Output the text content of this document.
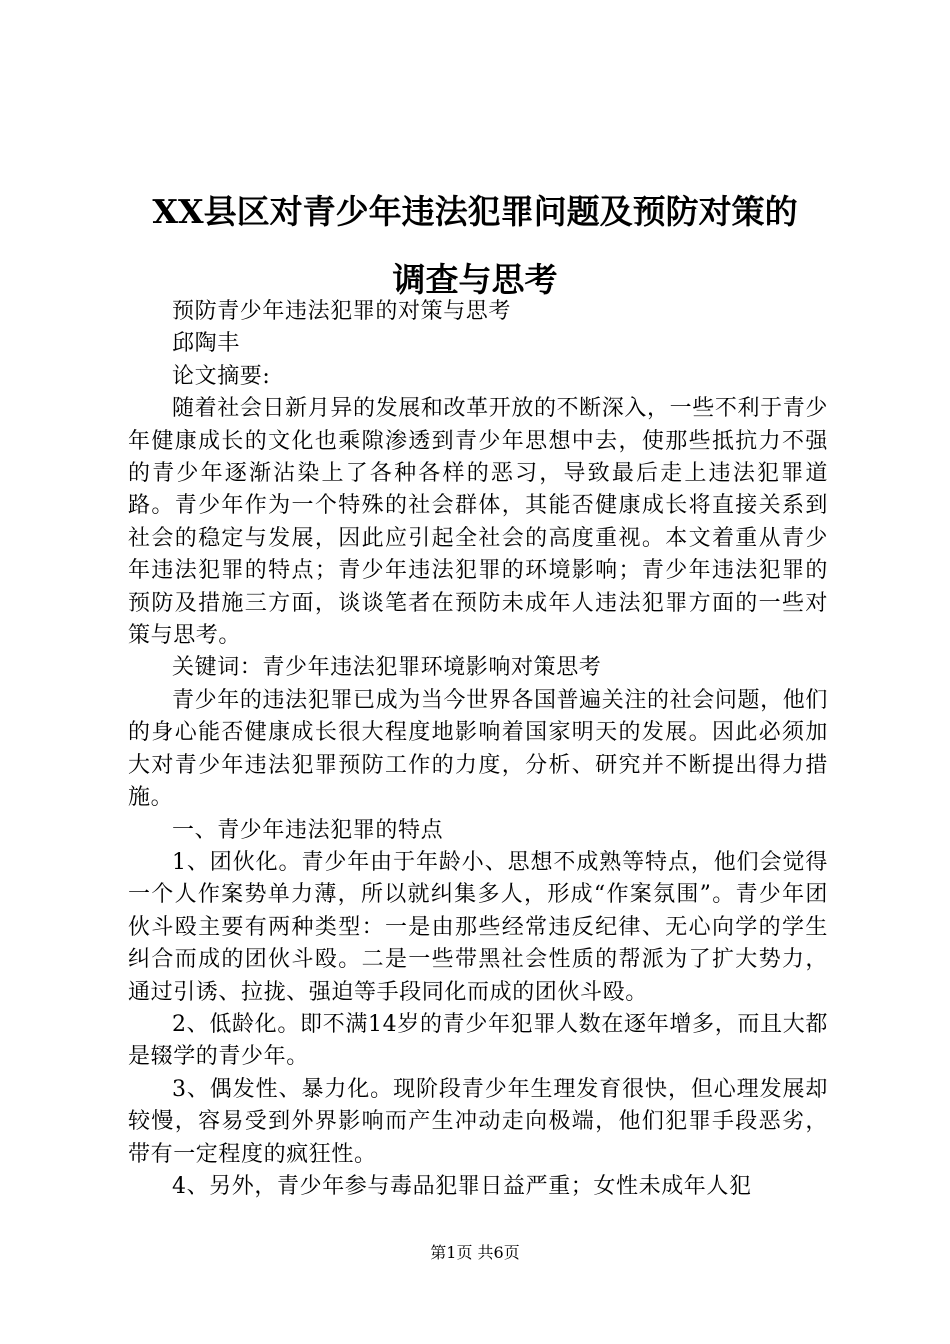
XX县区对青少年违法犯罪问题及预防对策的
调查与思考

预防青少年违法犯罪的对策与思考

邱陶丰

论文摘要:

随着社会日新月异的发展和改革开放的不断深入，一些不利于青少年健康成长的文化也乘隙渗透到青少年思想中去，使那些抵抗力不强的青少年逐渐沾染上了各种各样的恶习，导致最后走上违法犯罪道路。青少年作为一个特殊的社会群体，其能否健康成长将直接关系到社会的稳定与发展，因此应引起全社会的高度重视。本文着重从青少年违法犯罪的特点；青少年违法犯罪的环境影响；青少年违法犯罪的预防及措施三方面，谈谈笔者在预防未成年人违法犯罪方面的一些对策与思考。

关键词：青少年违法犯罪环境影响对策思考

青少年的违法犯罪已成为当今世界各国普遍关注的社会问题，他们的身心能否健康成长很大程度地影响着国家明天的发展。因此必须加大对青少年违法犯罪预防工作的力度，分析、研究并不断提出得力措施。

一、青少年违法犯罪的特点

1、团伙化。青少年由于年龄小、思想不成熟等特点，他们会觉得一个人作案势单力薄，所以就纠集多人，形成“作案氛围”。青少年团伙斗殴主要有两种类型：一是由那些经常违反纪律、无心向学的学生纠合而成的团伙斗殴。二是一些带黑社会性质的帮派为了扩大势力，通过引诱、拉拢、强迫等手段同化而成的团伙斗殴。

2、低龄化。即不满14岁的青少年犯罪人数在逐年增多，而且大都是辍学的青少年。

3、偶发性、暴力化。现阶段青少年生理发育很快，但心理发展却较慢，容易受到外界影响而产生冲动走向极端，他们犯罪手段恶劣，带有一定程度的疯狂性。

4、另外，青少年参与毒品犯罪日益严重；女性未成年人犯

第1页 共6页
